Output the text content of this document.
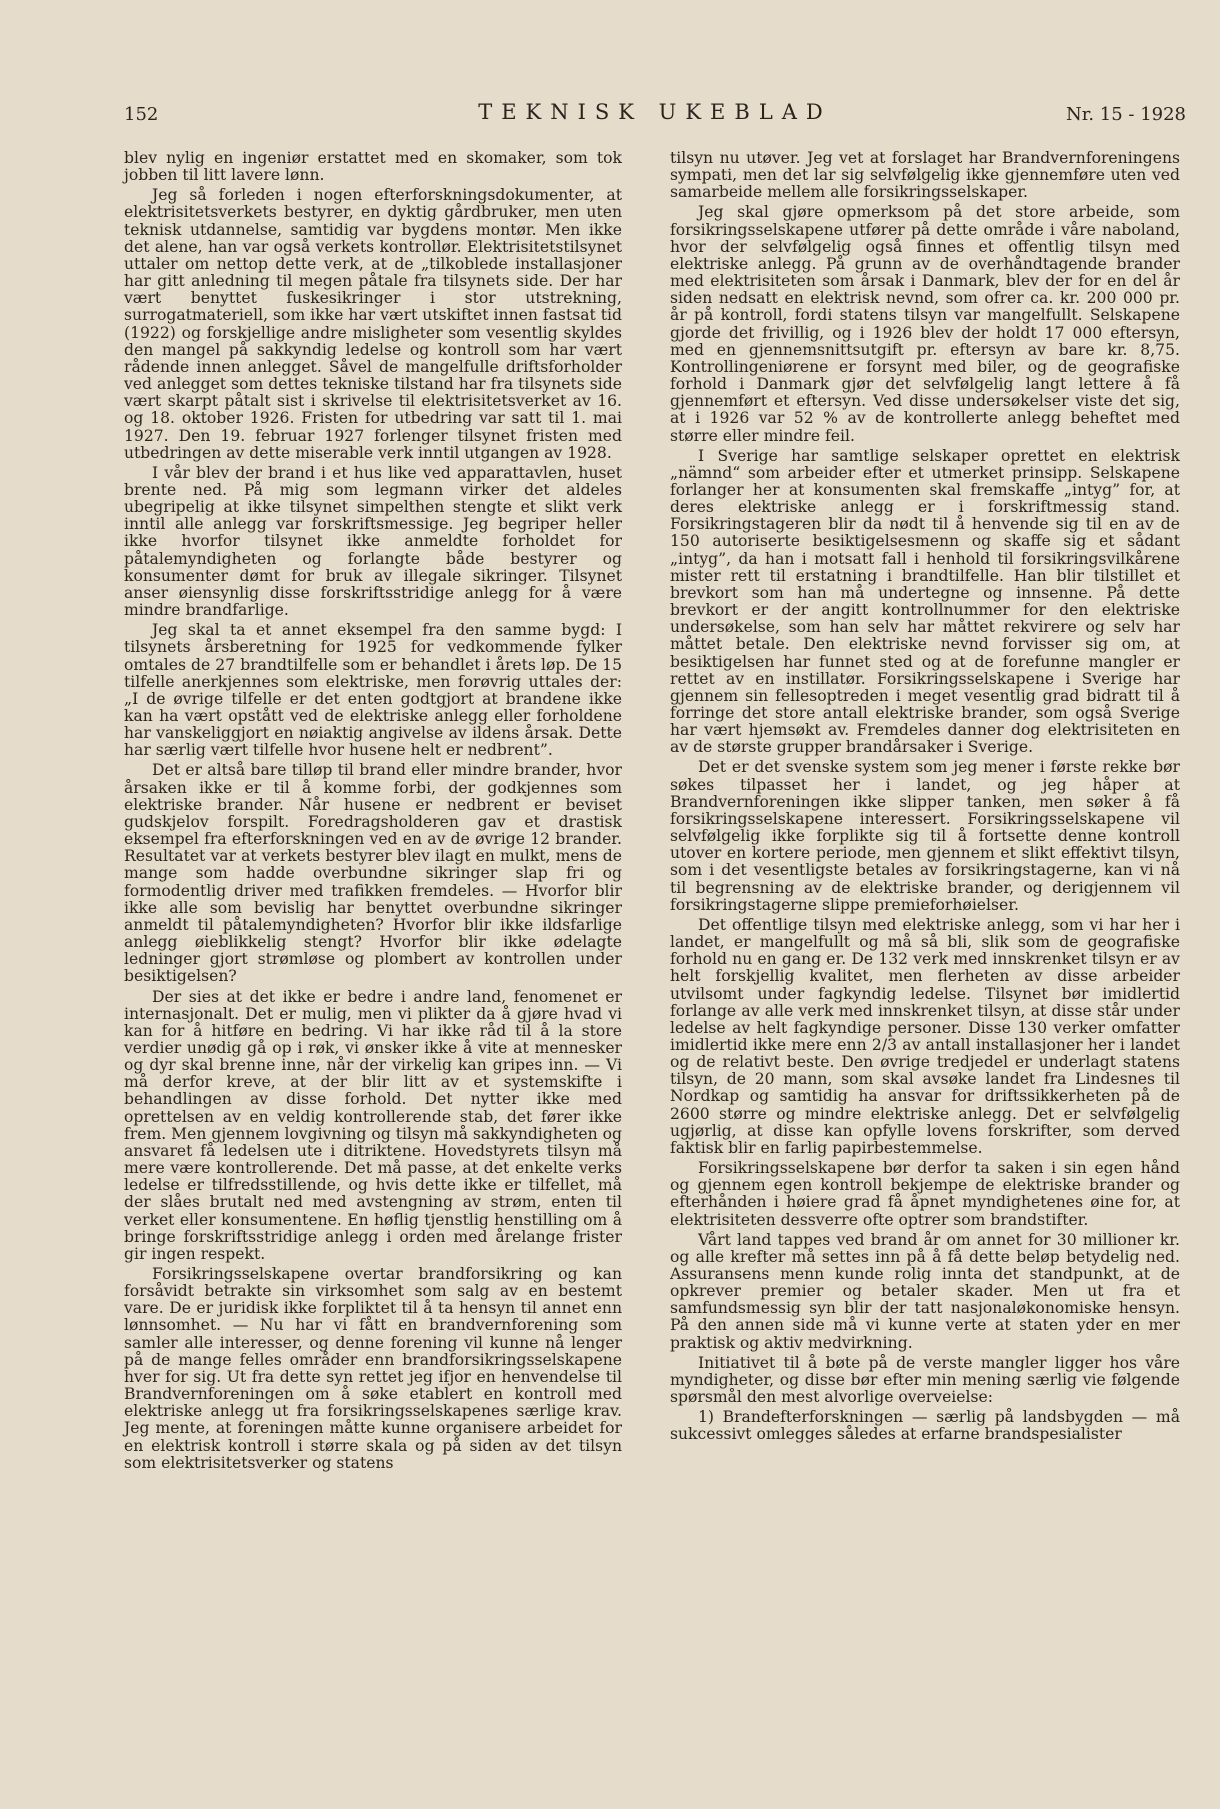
152	TEKNISK UKEBLAD	Nr. 15 - 1928

blev nylig en ingeniør erstattet med en skomaker, som tok jobben til litt lavere lønn.

Jeg så forleden i nogen efterforskningsdokumenter, at elektrisitetsverkets bestyrer, en dyktig gårdbruker, men uten teknisk utdannelse, samtidig var bygdens montør. Men ikke det alene, han var også verkets kontrollør. Elektrisitetstilsynet uttaler om nettop dette verk, at de „tilkoblede installasjoner har gitt anledning til megen påtale fra tilsynets side. Der har vært benyttet fuskesikringer i stor utstrekning, surrogatmateriell, som ikke har vært utskiftet innen fastsat tid (1922) og forskjellige andre misligheter som vesentlig skyldes den mangel på sakkyndig ledelse og kontroll som har vært rådende innen anlegget. Såvel de mangelfulle driftsforholder ved anlegget som dettes tekniske tilstand har fra tilsynets side vært skarpt påtalt sist i skrivelse til elektrisitetsverket av 16. og 18. oktober 1926. Fristen for utbedring var satt til 1. mai 1927. Den 19. februar 1927 forlenger tilsynet fristen med utbedringen av dette miserable verk inntil utgangen av 1928.

I vår blev der brand i et hus like ved apparattavlen, huset brente ned. På mig som legmann virker det aldeles ubegripelig at ikke tilsynet simpelthen stengte et slikt verk inntil alle anlegg var forskriftsmessige. Jeg begriper heller ikke hvorfor tilsynet ikke anmeldte forholdet for påtalemyndigheten og forlangte både bestyrer og konsumenter dømt for bruk av illegale sikringer. Tilsynet anser øiensynlig disse forskriftsstridige anlegg for å være mindre brandfarlige.

Jeg skal ta et annet eksempel fra den samme bygd: I tilsynets årsberetning for 1925 for vedkommende fylker omtales de 27 brandtilfelle som er behandlet i årets løp. De 15 tilfelle anerkjennes som elektriske, men forøvrig uttales der: „I de øvrige tilfelle er det enten godtgjort at brandene ikke kan ha vært opstått ved de elektriske anlegg eller forholdene har vanskeliggjort en nøiaktig angivelse av ildens årsak. Dette har særlig vært tilfelle hvor husene helt er nedbrent”.

Det er altså bare tilløp til brand eller mindre brander, hvor årsaken ikke er til å komme forbi, der godkjennes som elektriske brander. Når husene er nedbrent er beviset gudskjelov forspilt. Foredragsholderen gav et drastisk eksempel fra efterforskningen ved en av de øvrige 12 brander. Resultatet var at verkets bestyrer blev ilagt en mulkt, mens de mange som hadde overbundne sikringer slap fri og formodentlig driver med trafikken fremdeles. — Hvorfor blir ikke alle som bevislig har benyttet overbundne sikringer anmeldt til påtalemyndigheten? Hvorfor blir ikke ildsfarlige anlegg øieblikkelig stengt? Hvorfor blir ikke ødelagte ledninger gjort strømløse og plombert av kontrollen under besiktigelsen?

Der sies at det ikke er bedre i andre land, fenomenet er internasjonalt. Det er mulig, men vi plikter da å gjøre hvad vi kan for å hitføre en bedring. Vi har ikke råd til å la store verdier unødig gå op i røk, vi ønsker ikke å vite at mennesker og dyr skal brenne inne, når der virkelig kan gripes inn. — Vi må derfor kreve, at der blir litt av et systemskifte i behandlingen av disse forhold. Det nytter ikke med oprettelsen av en veldig kontrollerende stab, det fører ikke frem. Men gjennem lovgivning og tilsyn må sakkyndigheten og ansvaret få ledelsen ute i ditriktene. Hovedstyrets tilsyn må mere være kontrollerende. Det må passe, at det enkelte verks ledelse er tilfredsstillende, og hvis dette ikke er tilfellet, må der slåes brutalt ned med avstengning av strøm, enten til verket eller konsumentene. En høflig tjenstlig henstilling om å bringe forskriftsstridige anlegg i orden med årelange frister gir ingen respekt.

Forsikringsselskapene overtar brandforsikring og kan forsåvidt betrakte sin virksomhet som salg av en bestemt vare. De er juridisk ikke forpliktet til å ta hensyn til annet enn lønnsomhet. — Nu har vi fått en brandvernforening som samler alle interesser, og denne forening vil kunne nå lenger på de mange felles områder enn brandforsikringsselskapene hver for sig. Ut fra dette syn rettet jeg ifjor en henvendelse til Brandvernforeningen om å søke etablert en kontroll med elektriske anlegg ut fra forsikringsselskapenes særlige krav. Jeg mente, at foreningen måtte kunne organisere arbeidet for en elektrisk kontroll i større skala og på siden av det tilsyn som elektrisitetsverker og statens

tilsyn nu utøver. Jeg vet at forslaget har Brandvernforeningens sympati, men det lar sig selvfølgelig ikke gjennemføre uten ved samarbeide mellem alle forsikringsselskaper.

Jeg skal gjøre opmerksom på det store arbeide, som forsikringsselskapene utfører på dette område i våre naboland, hvor der selvfølgelig også finnes et offentlig tilsyn med elektriske anlegg. På grunn av de overhåndtagende brander med elektrisiteten som årsak i Danmark, blev der for en del år siden nedsatt en elektrisk nevnd, som ofrer ca. kr. 200 000 pr. år på kontroll, fordi statens tilsyn var mangelfullt. Selskapene gjorde det frivillig, og i 1926 blev der holdt 17 000 eftersyn, med en gjennemsnittsutgift pr. eftersyn av bare kr. 8,75. Kontrollingeniørene er forsynt med biler, og de geografiske forhold i Danmark gjør det selvfølgelig langt lettere å få gjennemført et eftersyn. Ved disse undersøkelser viste det sig, at i 1926 var 52 % av de kontrollerte anlegg beheftet med større eller mindre feil.

I Sverige har samtlige selskaper oprettet en elektrisk „nämnd“ som arbeider efter et utmerket prinsipp. Selskapene forlanger her at konsumenten skal fremskaffe „intyg” for, at deres elektriske anlegg er i forskriftmessig stand. Forsikringstageren blir da nødt til å henvende sig til en av de 150 autoriserte besiktigelsesmenn og skaffe sig et sådant „intyg”, da han i motsatt fall i henhold til forsikringsvilkårene mister rett til erstatning i brandtilfelle. Han blir tilstillet et brevkort som han må undertegne og innsenne. På dette brevkort er der angitt kontrollnummer for den elektriske undersøkelse, som han selv har måttet rekvirere og selv har måttet betale. Den elektriske nevnd forvisser sig om, at besiktigelsen har funnet sted og at de forefunne mangler er rettet av en instillatør. Forsikringsselskapene i Sverige har gjennem sin fellesoptreden i meget vesentlig grad bidratt til å forringe det store antall elektriske brander, som også Sverige har vært hjemsøkt av. Fremdeles danner dog elektrisiteten en av de største grupper brandårsaker i Sverige.

Det er det svenske system som jeg mener i første rekke bør søkes tilpasset her i landet, og jeg håper at Brandvernforeningen ikke slipper tanken, men søker å få forsikringsselskapene interessert. Forsikringsselskapene vil selvfølgelig ikke forplikte sig til å fortsette denne kontroll utover en kortere periode, men gjennem et slikt effektivt tilsyn, som i det vesentligste betales av forsikringstagerne, kan vi nå til begrensning av de elektriske brander, og derigjennem vil forsikringstagerne slippe premieforhøielser.

Det offentlige tilsyn med elektriske anlegg, som vi har her i landet, er mangelfullt og må så bli, slik som de geografiske forhold nu en gang er. De 132 verk med innskrenket tilsyn er av helt forskjellig kvalitet, men flerheten av disse arbeider utvilsomt under fagkyndig ledelse. Tilsynet bør imidlertid forlange av alle verk med innskrenket tilsyn, at disse står under ledelse av helt fagkyndige personer. Disse 130 verker omfatter imidlertid ikke mere enn 2/3 av antall installasjoner her i landet og de relativt beste. Den øvrige tredjedel er underlagt statens tilsyn, de 20 mann, som skal avsøke landet fra Lindesnes til Nordkap og samtidig ha ansvar for driftssikkerheten på de 2600 større og mindre elektriske anlegg. Det er selvfølgelig ugjørlig, at disse kan opfylle lovens forskrifter, som derved faktisk blir en farlig papirbestemmelse.

Forsikringsselskapene bør derfor ta saken i sin egen hånd og gjennem egen kontroll bekjempe de elektriske brander og efterhånden i høiere grad få åpnet myndighetenes øine for, at elektrisiteten dessverre ofte optrer som brandstifter.

Vårt land tappes ved brand år om annet for 30 millioner kr. og alle krefter må settes inn på å få dette beløp betydelig ned. Assuransens menn kunde rolig innta det standpunkt, at de opkrever premier og betaler skader. Men ut fra et samfundsmessig syn blir der tatt nasjonaløkonomiske hensyn. På den annen side må vi kunne verte at staten yder en mer praktisk og aktiv medvirkning.

Initiativet til å bøte på de verste mangler ligger hos våre myndigheter, og disse bør efter min mening særlig vie følgende spørsmål den mest alvorlige overveielse:

1) Brandefterforskningen — særlig på landsbygden — må sukcessivt omlegges således at erfarne brandspesialister
